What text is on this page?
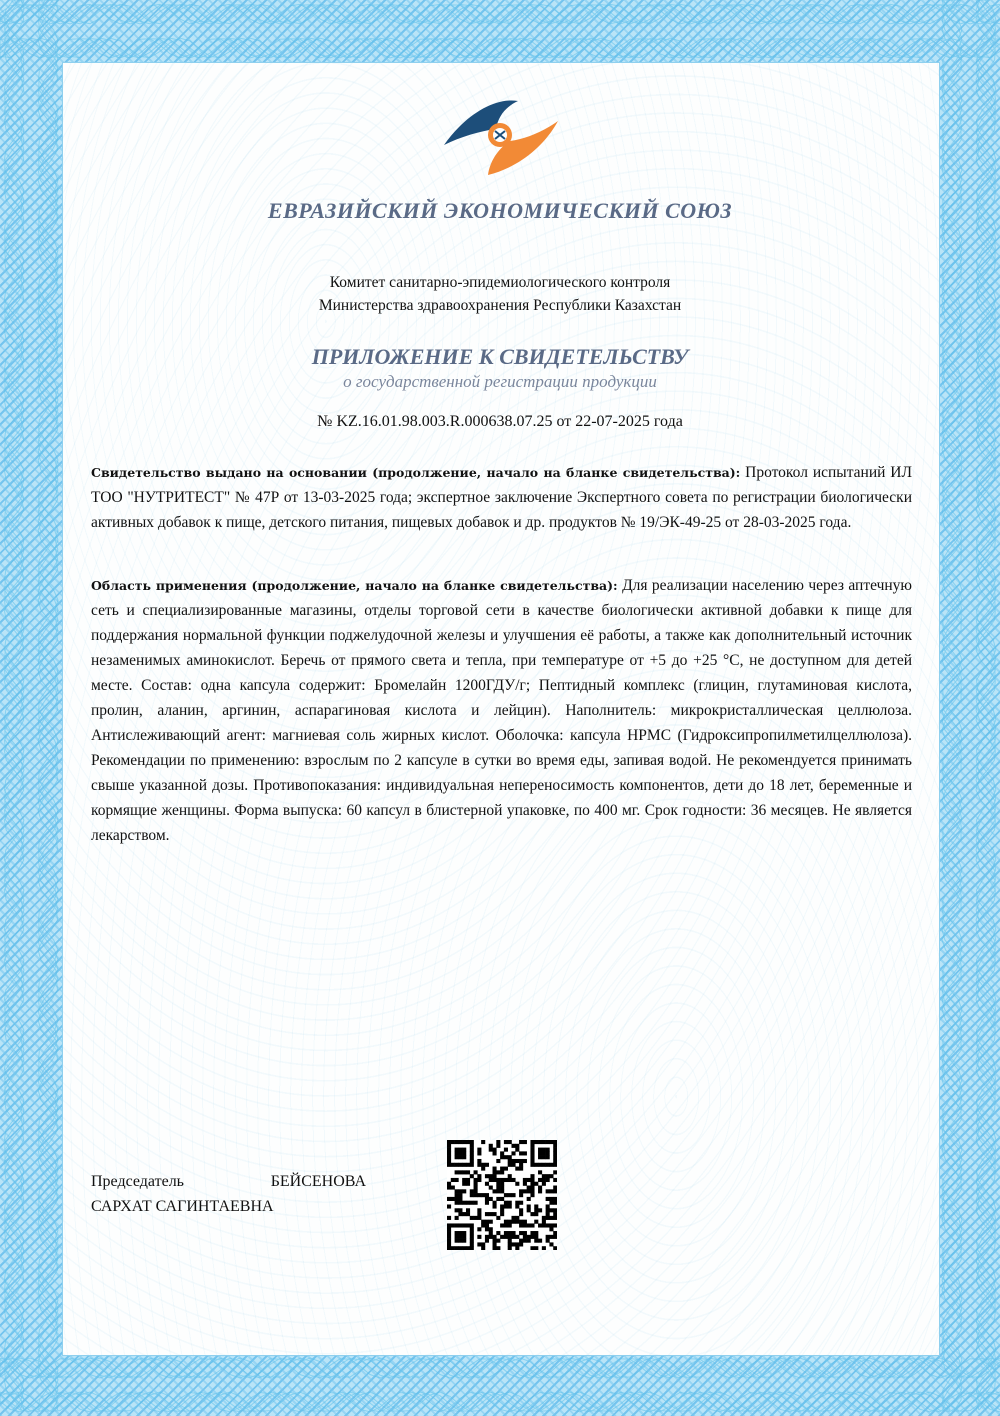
ЕВРАЗИЙСКИЙ ЭКОНОМИЧЕСКИЙ СОЮЗ
Комитет санитарно-эпидемиологического контроля
Министерства здравоохранения Республики Казахстан
ПРИЛОЖЕНИЕ К СВИДЕТЕЛЬСТВУ
о государственной регистрации продукции
№ KZ.16.01.98.003.R.000638.07.25 от 22-07-2025 года
Свидетельство выдано на основании (продолжение, начало на бланке свидетельства): Протокол испытаний ИЛ ТОО "НУТРИТЕСТ" № 47Р от 13-03-2025 года; экспертное заключение Экспертного совета по регистрации биологически активных добавок к пище, детского питания, пищевых добавок и др. продуктов № 19/ЭК-49-25 от 28-03-2025 года.
Область применения (продолжение, начало на бланке свидетельства): Для реализации населению через аптечную сеть и специализированные магазины, отделы торговой сети в качестве биологически активной добавки к пище для поддержания нормальной функции поджелудочной железы и улучшения её работы, а также как дополнительный источник незаменимых аминокислот. Беречь от прямого света и тепла, при температуре от +5 до +25 °С, не доступном для детей месте. Состав: одна капсула содержит: Бромелайн 1200ГДУ/г; Пептидный комплекс (глицин, глутаминовая кислота, пролин, аланин, аргинин, аспарагиновая кислота и лейцин). Наполнитель: микрокристаллическая целлюлоза. Антислеживающий агент: магниевая соль жирных кислот. Оболочка: капсула HPMC (Гидроксипропилметилцеллюлоза). Рекомендации по применению: взрослым по 2 капсуле в сутки во время еды, запивая водой. Не рекомендуется принимать свыше указанной дозы. Противопоказания: индивидуальная непереносимость компонентов, дети до 18 лет, беременные и кормящие женщины. Форма выпуска: 60 капсул в блистерной упаковке, по 400 мг. Срок годности: 36 месяцев. Не является лекарством.
Председатель	БЕЙСЕНОВА
САРХАТ САГИНТАЕВНА
